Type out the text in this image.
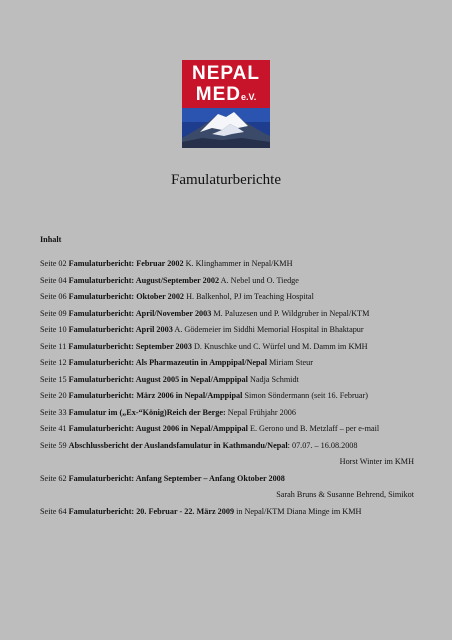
NEPAL
MEDe.V.
Famulaturberichte
Inhalt
Seite 02 Famulaturbericht: Februar 2002 K. Klinghammer in Nepal/KMH
Seite 04 Famulaturbericht: August/September 2002 A. Nebel und O. Tiedge
Seite 06 Famulaturbericht: Oktober 2002 H. Balkenhol, PJ im Teaching Hospital
Seite 09 Famulaturbericht: April/November 2003 M. Paluzesen und P. Wildgruber in Nepal/KTM
Seite 10 Famulaturbericht: April 2003 A. Gödemeier im Siddhi Memorial Hospital in Bhaktapur
Seite 11 Famulaturbericht: September 2003 D. Knuschke und C. Würfel und M. Damm im KMH
Seite 12 Famulaturbericht: Als Pharmazeutin in Amppipal/Nepal Miriam Steur
Seite 15 Famulaturbericht: August 2005 in Nepal/Amppipal Nadja Schmidt
Seite 20 Famulaturbericht: März 2006 in Nepal/Amppipal Simon Söndermann (seit 16. Februar)
Seite 33 Famulatur im („Ex-“König)Reich der Berge: Nepal Frühjahr 2006
Seite 41 Famulaturbericht: August 2006 in Nepal/Amppipal E. Gerono und B. Metzlaff – per e-mail
Seite 59 Abschlussbericht der Auslandsfamulatur in Kathmandu/Nepal: 07.07. – 16.08.2008
Horst Winter im KMH
Seite 62 Famulaturbericht: Anfang September – Anfang Oktober 2008
Sarah Bruns & Susanne Behrend, Simikot
Seite 64 Famulaturbericht: 20. Februar - 22. März 2009 in Nepal/KTM Diana Minge im KMH
